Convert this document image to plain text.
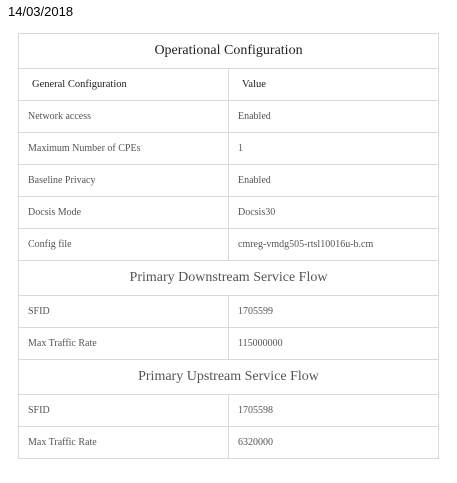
14/03/2018
Operational Configuration	
General Configuration	Value
Network access	Enabled
Maximum Number of CPEs	1
Baseline Privacy	Enabled
Docsis Mode	Docsis30
Config file	cmreg-vmdg505-rtsl10016u-b.cm
Primary Downstream Service Flow	
SFID	1705599
Max Traffic Rate	115000000
Primary Upstream Service Flow	
SFID	1705598
Max Traffic Rate	6320000
